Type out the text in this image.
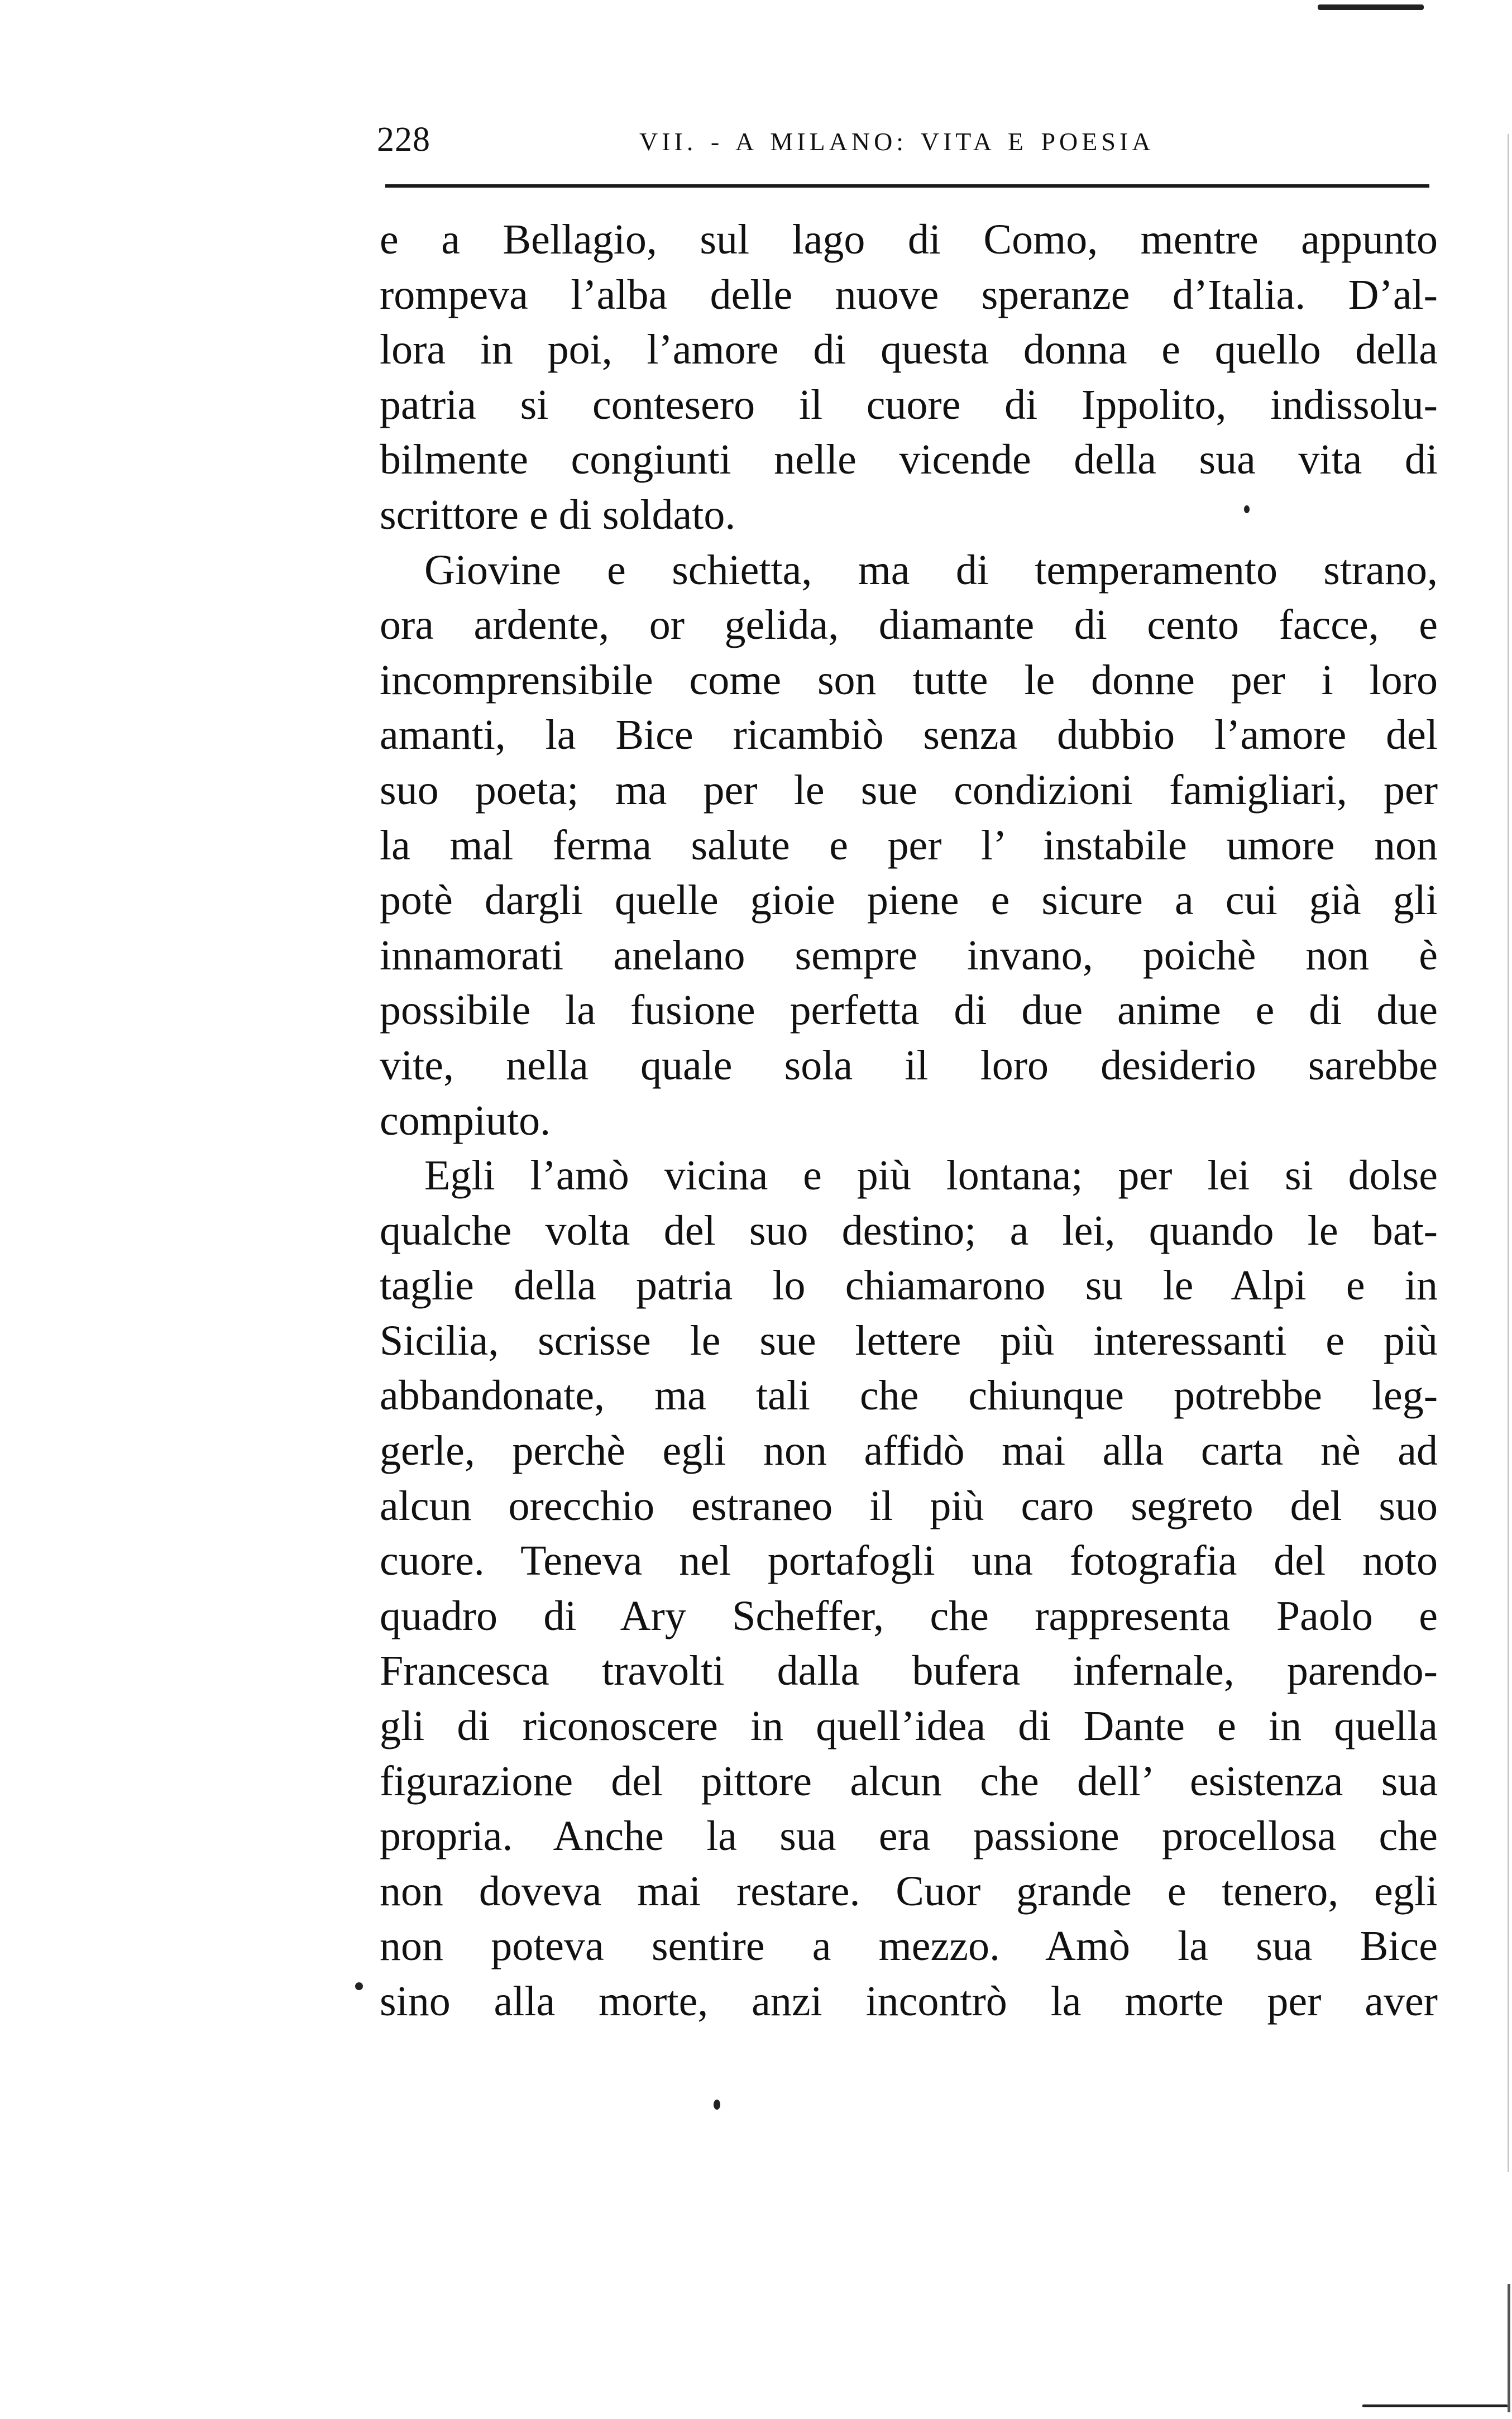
228	VII. - A MILANO: VITA E POESIA
e a Bellagio, sul lago di Como, mentre appunto
rompeva l’alba delle nuove speranze d’Italia. D’al-
lora in poi, l’amore di questa donna e quello della
patria si contesero il cuore di Ippolito, indissolu-
bilmente congiunti nelle vicende della sua vita di
scrittore e di soldato.
Giovine e schietta, ma di temperamento strano,
ora ardente, or gelida, diamante di cento facce, e
incomprensibile come son tutte le donne per i loro
amanti, la Bice ricambiò senza dubbio l’amore del
suo poeta; ma per le sue condizioni famigliari, per
la mal ferma salute e per l’ instabile umore non
potè dargli quelle gioie piene e sicure a cui già gli
innamorati anelano sempre invano, poichè non è
possibile la fusione perfetta di due anime e di due
vite, nella quale sola il loro desiderio sarebbe
compiuto.
Egli l’amò vicina e più lontana; per lei si dolse
qualche volta del suo destino; a lei, quando le bat-
taglie della patria lo chiamarono su le Alpi e in
Sicilia, scrisse le sue lettere più interessanti e più
abbandonate, ma tali che chiunque potrebbe leg-
gerle, perchè egli non affidò mai alla carta nè ad
alcun orecchio estraneo il più caro segreto del suo
cuore. Teneva nel portafogli una fotografia del noto
quadro di Ary Scheffer, che rappresenta Paolo e
Francesca travolti dalla bufera infernale, parendo-
gli di riconoscere in quell’idea di Dante e in quella
figurazione del pittore alcun che dell’ esistenza sua
propria. Anche la sua era passione procellosa che
non doveva mai restare. Cuor grande e tenero, egli
non poteva sentire a mezzo. Amò la sua Bice
sino alla morte, anzi incontrò la morte per aver
